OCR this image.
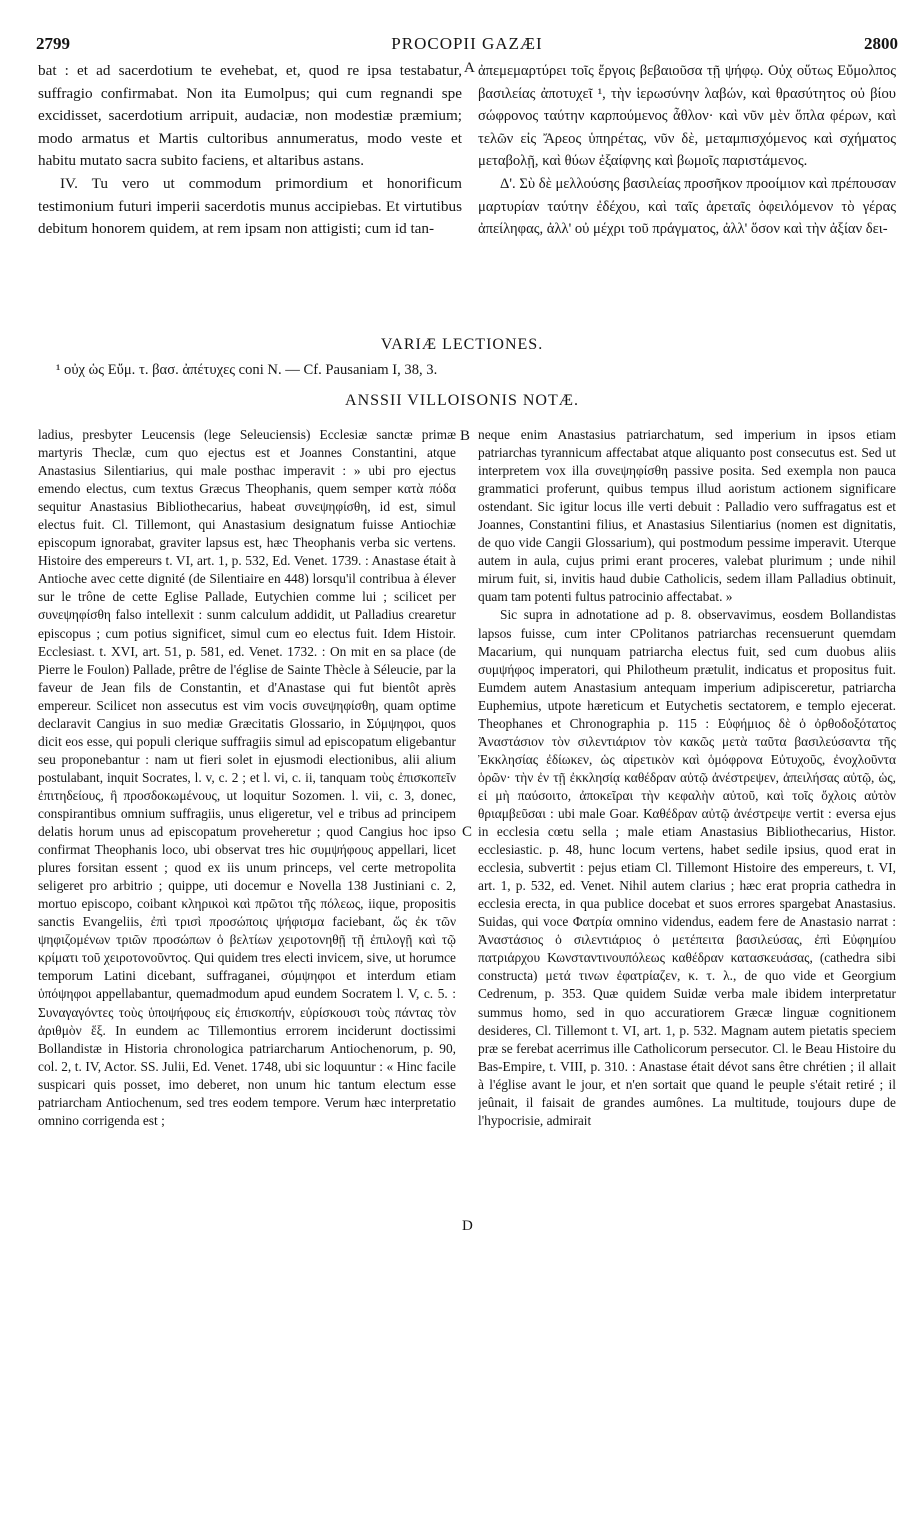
2799	PROCOPII GAZÆI	2800

bat : et ad sacerdotium te evehebat, et, quod re ipsa testabatur, suffragio confirmabat. Non ita Eumolpus; qui cum regnandi spe excidisset, sacerdotium arripuit, audaciæ, non modestiæ præmium; modo armatus et Martis cultoribus annumeratus, modo veste et habitu mutato sacra subito faciens, et altaribus astans.

IV. Tu vero ut commodum primordium et honorificum testimonium futuri imperii sacerdotis munus accipiebas. Et virtutibus debitum honorem quidem, at rem ipsam non attigisti; cum id tan-

A ἀπεμεμαρτύρει τοῖς ἔργοις βεβαιοῦσα τῇ ψήφῳ. Οὐχ οὕτως Εὔμολπος βασιλείας ἀποτυχεῖ ¹, τὴν ἱερωσύνην λαβών, καὶ θρασύτητος οὐ βίου σώφρονος ταύτην καρπούμενος ἆθλον· καὶ νῦν μὲν ὅπλα φέρων, καὶ τελῶν εἰς Ἄρεος ὑπηρέτας, νῦν δὲ, μεταμπισχόμενος καὶ σχήματος μεταβολῇ, καὶ θύων ἐξαίφνης καὶ βωμοῖς παριστάμενος.

Δ'. Σὺ δὲ μελλούσης βασιλείας προσῆκον προοίμιον καὶ πρέπουσαν μαρτυρίαν ταύτην ἐδέχου, καὶ ταῖς ἀρεταῖς ὀφειλόμενον τὸ γέρας ἀπείληφας, ἀλλ' οὐ μέχρι τοῦ πράγματος, ἀλλ' ὅσον καὶ τὴν ἀξίαν δει-

VARIÆ LECTIONES.
¹ οὐχ ὡς Εὔμ. τ. βασ. ἀπέτυχες coni N. — Cf. Pausaniam I, 38, 3.
ANSSII VILLOISONIS NOTÆ.

ladius, presbyter Leucensis (lege Seleuciensis) Ecclesiæ sanctæ primæ martyris Theclæ, cum quo ejectus est et Joannes Constantini, atque Anastasius Silentiarius, qui male posthac imperavit : » ubi pro ejectus emendo electus, cum textus Græcus Theophanis, quem semper κατὰ πόδα sequitur Anastasius Bibliothecarius, habeat συνεψηφίσθη, id est, simul electus fuit. Cl. Tillemont, qui Anastasium designatum fuisse Antiochiæ episcopum ignorabat, graviter lapsus est, hæc Theophanis verba sic vertens. Histoire des empereurs t. VI, art. 1, p. 532, Ed. Venet. 1739. : Anastase était à Antioche avec cette dignité (de Silentiaire en 448) lorsqu'il contribua à élever sur le trône de cette Eglise Pallade, Eutychien comme lui ; scilicet per συνεψηφίσθη falso intellexit : sunm calculum addidit, ut Palladius crearetur episcopus ; cum potius significet, simul cum eo electus fuit. Idem Histoir. Ecclesiast. t. XVI, art. 51, p. 581, ed. Venet. 1732. : On mit en sa place (de Pierre le Foulon) Pallade, prêtre de l'église de Sainte Thècle à Séleucie, par la faveur de Jean fils de Constantin, et d'Anastase qui fut bientôt après empereur. Scilicet non assecutus est vim vocis συνεψηφίσθη, quam optime declaravit Cangius in suo mediæ Græcitatis Glossario, in Σύμψηφοι, quos dicit eos esse, qui populi clerique suffragiis simul ad episcopatum eligebantur seu proponebantur : nam ut fieri solet in ejusmodi electionibus, alii alium postulabant, inquit Socrates, l. v, c. 2 ; et l. vi, c. ii, tanquam τοὺς ἐπισκοπεῖν ἐπιτηδείους, ἢ προσδοκωμένους, ut loquitur Sozomen. l. vii, c. 3, donec, conspirantibus omnium suffragiis, unus eligeretur, vel e tribus ad principem delatis horum unus ad episcopatum proveheretur ; quod Cangius hoc ipso confirmat Theophanis loco, ubi observat tres hic συμψήφους appellari, licet plures forsitan essent ; quod ex iis unum princeps, vel certe metropolita seligeret pro arbitrio ; quippe, uti docemur e Novella 138 Justiniani c. 2, mortuo episcopo, coibant κληρικοὶ καὶ πρῶτοι τῆς πόλεως, iique, propositis sanctis Evangeliis, ἐπὶ τρισὶ προσώποις ψήφισμα faciebant, ὥς ἐκ τῶν ψηφιζομένων τριῶν προσώπων ὁ βελτίων χειροτονηθῇ τῇ ἐπιλογῇ καὶ τῷ κρίματι τοῦ χειροτονοῦντος. Qui quidem tres electi invicem, sive, ut horumce temporum Latini dicebant, suffraganei, σύμψηφοι et interdum etiam ὑπόψηφοι appellabantur, quemadmodum apud eundem Socratem l. V, c. 5. : Συναγαγόντες τοὺς ὑποψήφους εἰς ἐπισκοπήν, εὑρίσκουσι τοὺς πάντας τὸν ἀριθμὸν ἕξ. In eundem ac Tillemontius errorem inciderunt doctissimi Bollandistæ in Historia chronologica patriarcharum Antiochenorum, p. 90, col. 2, t. IV, Actor. SS. Julii, Ed. Venet. 1748, ubi sic loquuntur : « Hinc facile suspicari quis posset, imo deberet, non unum hic tantum electum esse patriarcham Antiochenum, sed tres eodem tempore. Verum hæc interpretatio omnino corrigenda est ;

B
C
D

neque enim Anastasius patriarchatum, sed imperium in ipsos etiam patriarchas tyrannicum affectabat atque aliquanto post consecutus est. Sed ut interpretem vox illa συνεψηφίσθη passive posita. Sed exempla non pauca grammatici proferunt, quibus tempus illud aoristum actionem significare ostendant. Sic igitur locus ille verti debuit : Palladio vero suffragatus est et Joannes, Constantini filius, et Anastasius Silentiarius (nomen est dignitatis, de quo vide Cangii Glossarium), qui postmodum pessime imperavit. Uterque autem in aula, cujus primi erant proceres, valebat plurimum ; unde nihil mirum fuit, si, invitis haud dubie Catholicis, sedem illam Palladius obtinuit, quam tam potenti fultus patrocinio affectabat. »

Sic supra in adnotatione ad p. 8. observavimus, eosdem Bollandistas lapsos fuisse, cum inter CPolitanos patriarchas recensuerunt quemdam Macarium, qui nunquam patriarcha electus fuit, sed cum duobus aliis συμψήφος imperatori, qui Philotheum prætulit, indicatus et propositus fuit. Eumdem autem Anastasium antequam imperium adipisceretur, patriarcha Euphemius, utpote hæreticum et Eutychetis sectatorem, e templo ejecerat. Theophanes et Chronographia p. 115 : Εὐφήμιος δὲ ὁ ὀρθοδοξότατος Ἀναστάσιον τὸν σιλεντιάριον τὸν κακῶς μετὰ ταῦτα βασιλεύσαντα τῆς Ἐκκλησίας ἐδίωκεν, ὡς αἱρετικὸν καὶ ὁμόφρονα Εὐτυχοῦς, ἐνοχλοῦντα ὁρῶν· τὴν ἐν τῇ ἐκκλησίᾳ καθέδραν αὐτῷ ἀνέστρεψεν, ἀπειλήσας αὐτῷ, ὡς, εἰ μὴ παύσοιτο, ἀποκεῖραι τὴν κεφαλὴν αὐτοῦ, καὶ τοῖς ὄχλοις αὐτὸν θριαμβεῦσαι : ubi male Goar. Καθέδραν αὐτῷ ἀνέστρεψε vertit : eversa ejus in ecclesia cœtu sella ; male etiam Anastasius Bibliothecarius, Histor. ecclesiastic. p. 48, hunc locum vertens, habet sedile ipsius, quod erat in ecclesia, subvertit : pejus etiam Cl. Tillemont Histoire des empereurs, t. VI, art. 1, p. 532, ed. Venet. Nihil autem clarius ; hæc erat propria cathedra in ecclesia erecta, in qua publice docebat et suos errores spargebat Anastasius. Suidas, qui voce Φατρία omnino videndus, eadem fere de Anastasio narrat : Ἀναστάσιος ὁ σιλεντιάριος ὁ μετέπειτα βασιλεύσας, ἐπὶ Εὐφημίου πατριάρχου Κωνσταντινουπόλεως καθέδραν κατασκευάσας, (cathedra sibi constructa) μετά τινων ἐφατρίαζεν, κ. τ. λ., de quo vide et Georgium Cedrenum, p. 353. Quæ quidem Suidæ verba male ibidem interpretatur summus homo, sed in quo accuratiorem Græcæ linguæ cognitionem desideres, Cl. Tillemont t. VI, art. 1, p. 532. Magnam autem pietatis speciem præ se ferebat acerrimus ille Catholicorum persecutor. Cl. le Beau Histoire du Bas-Empire, t. VIII, p. 310. : Anastase était dévot sans être chrétien ; il allait à l'église avant le jour, et n'en sortait que quand le peuple s'était retiré ; il jeûnait, il faisait de grandes aumônes. La multitude, toujours dupe de l'hypocrisie, admirait
